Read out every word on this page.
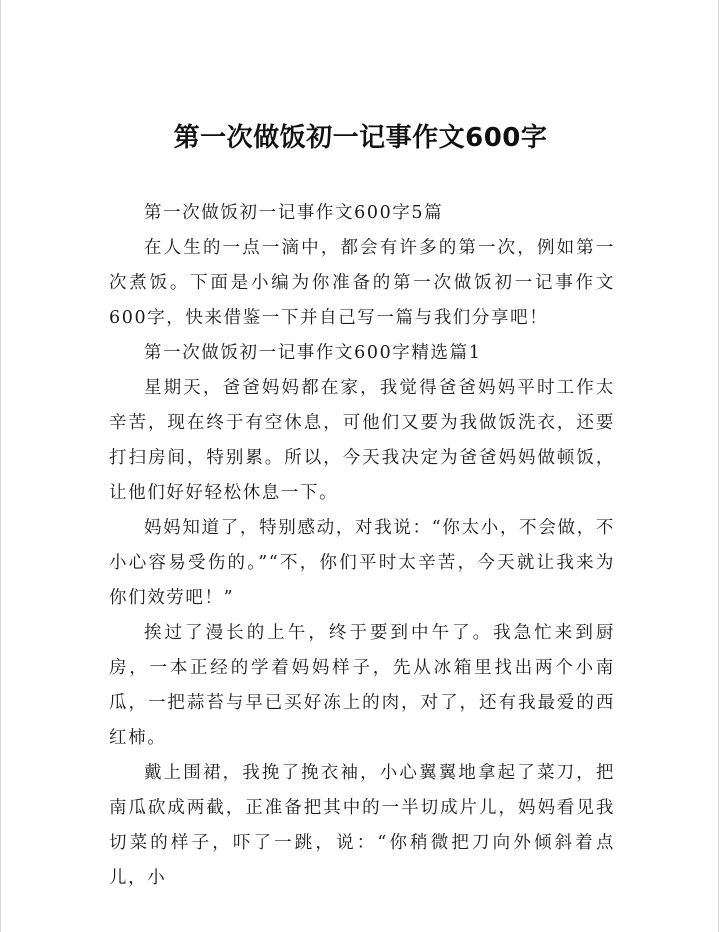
第一次做饭初一记事作文600字

第一次做饭初一记事作文600字5篇

在人生的一点一滴中，都会有许多的第一次，例如第一次煮饭。下面是小编为你准备的第一次做饭初一记事作文600字，快来借鉴一下并自己写一篇与我们分享吧！

第一次做饭初一记事作文600字精选篇1

星期天，爸爸妈妈都在家，我觉得爸爸妈妈平时工作太辛苦，现在终于有空休息，可他们又要为我做饭洗衣，还要打扫房间，特别累。所以，今天我决定为爸爸妈妈做顿饭，让他们好好轻松休息一下。

妈妈知道了，特别感动，对我说：“你太小，不会做，不小心容易受伤的。”“不，你们平时太辛苦，今天就让我来为你们效劳吧！”

挨过了漫长的上午，终于要到中午了。我急忙来到厨房，一本正经的学着妈妈样子，先从冰箱里找出两个小南瓜，一把蒜苔与早已买好冻上的肉，对了，还有我最爱的西红柿。

戴上围裙，我挽了挽衣袖，小心翼翼地拿起了菜刀，把南瓜砍成两截，正准备把其中的一半切成片儿，妈妈看见我切菜的样子，吓了一跳，说：“你稍微把刀向外倾斜着点儿，小
